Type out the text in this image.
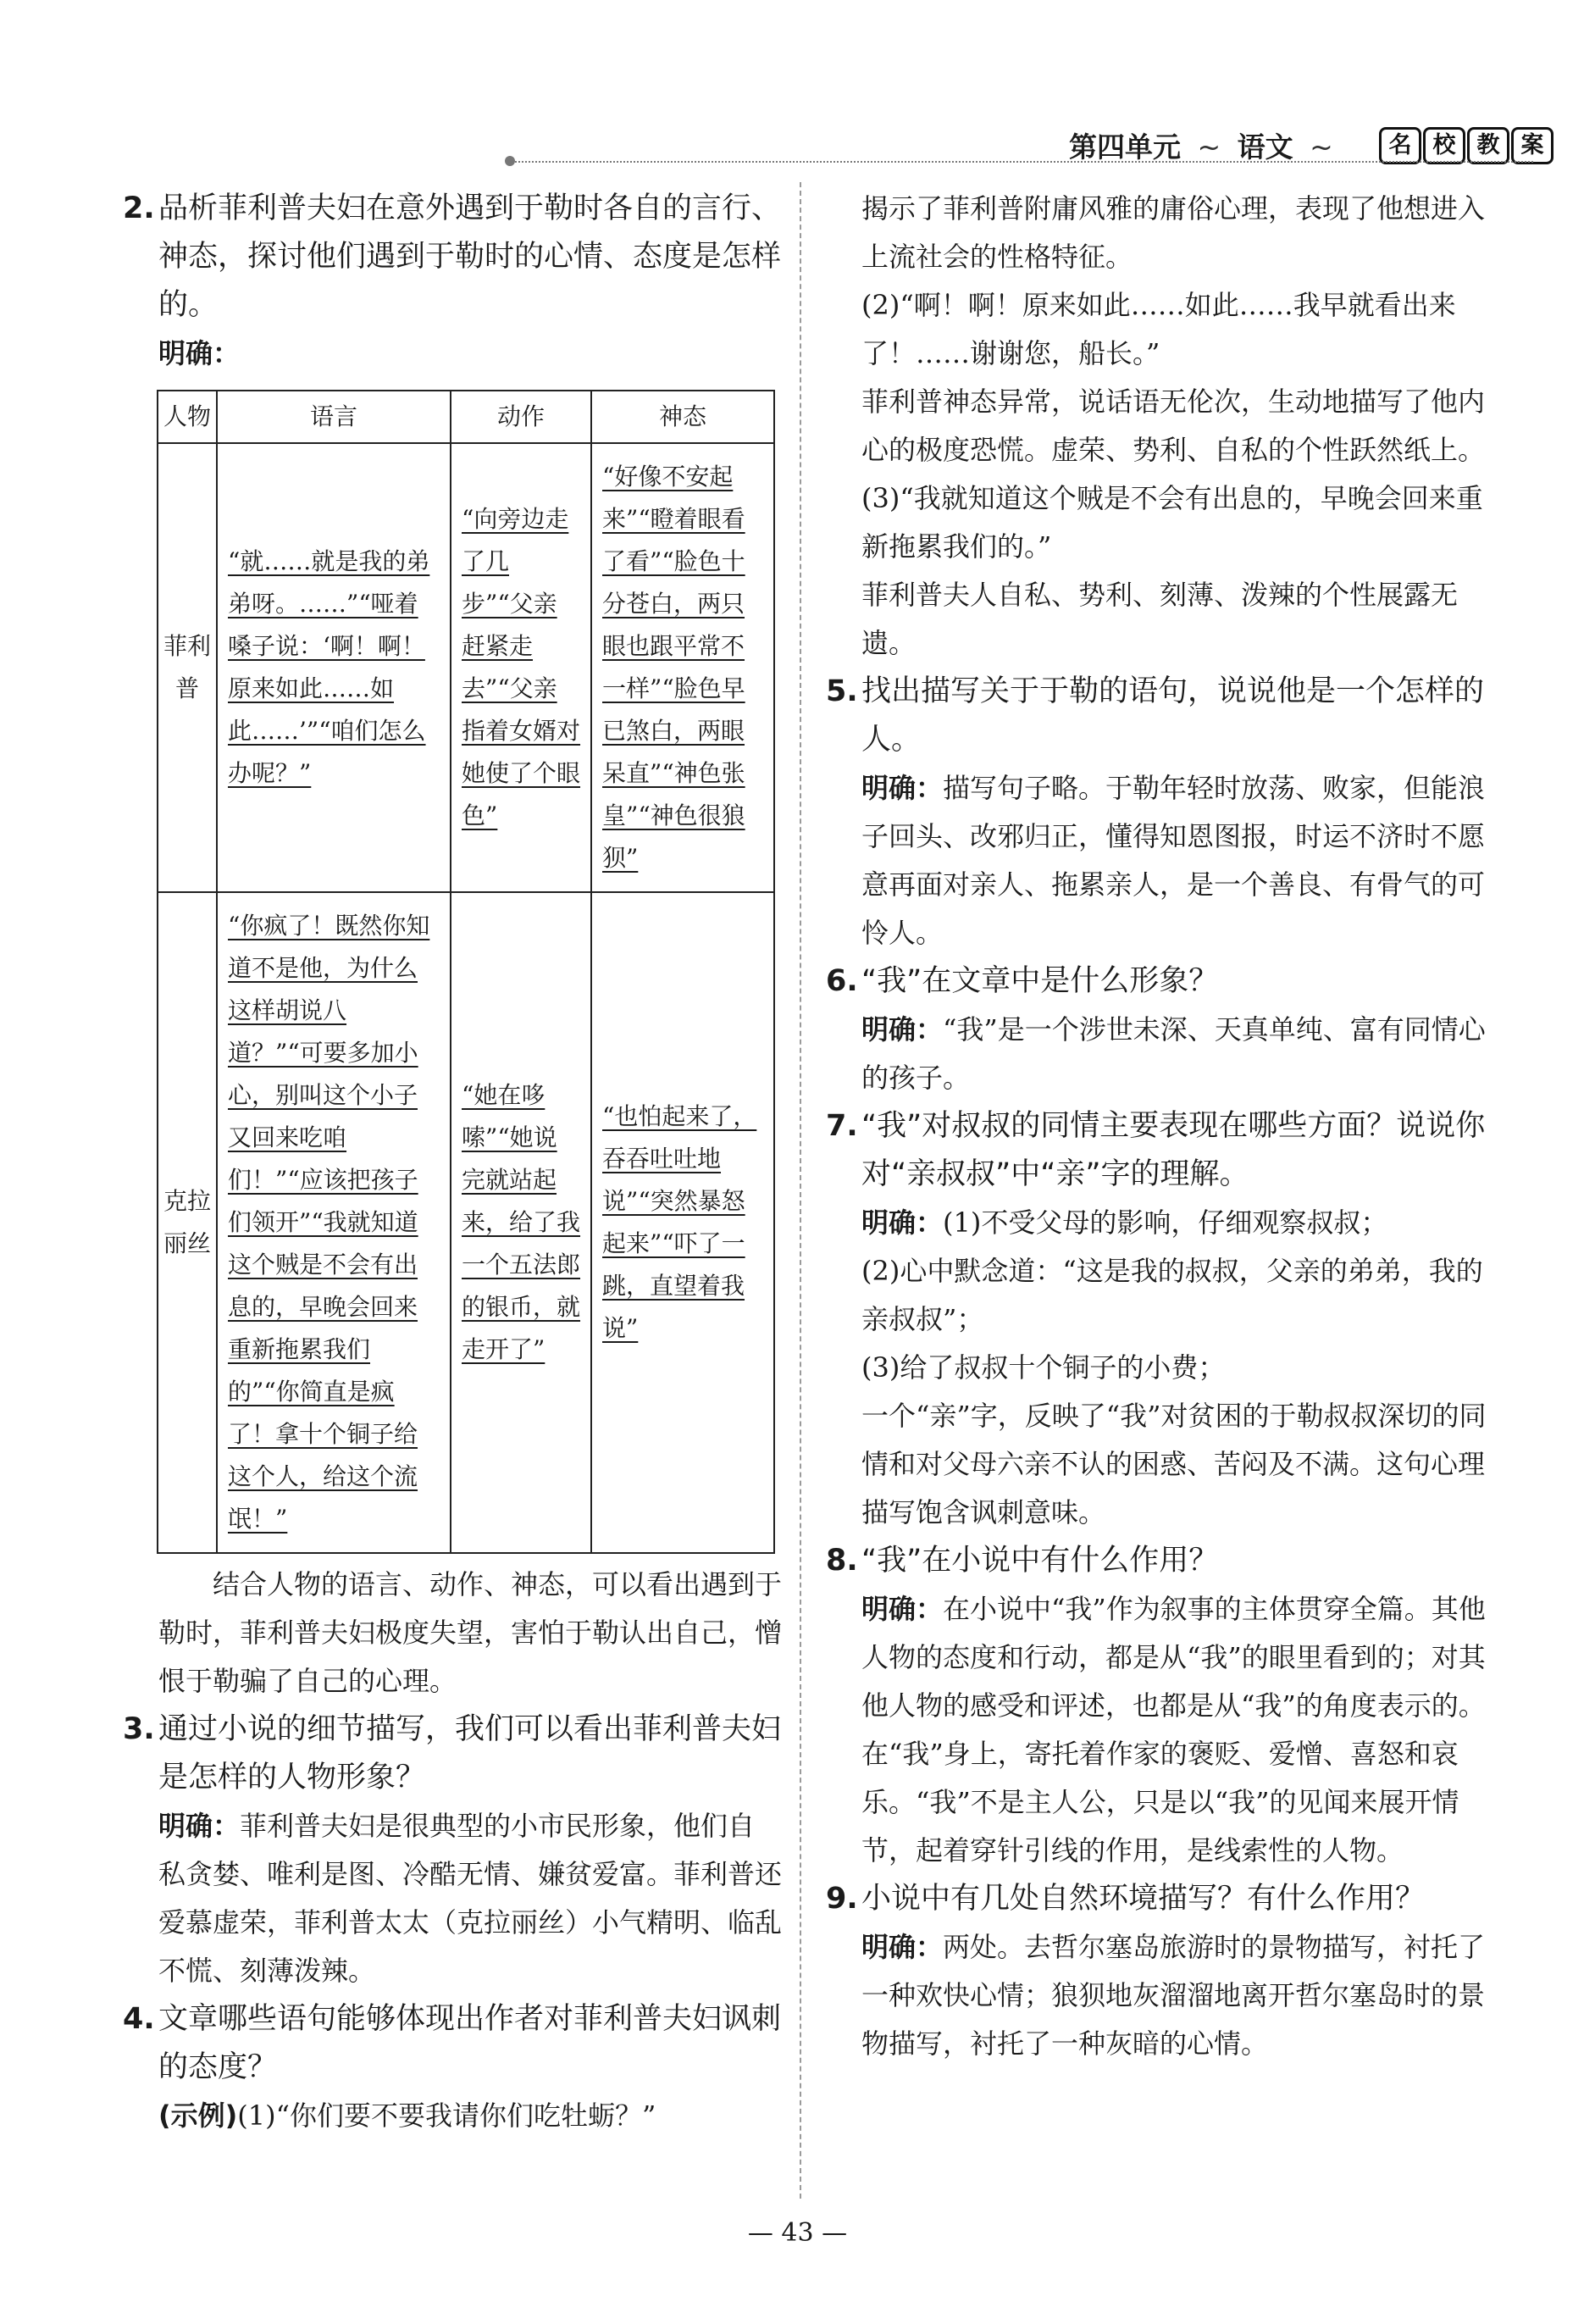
第四单元 ~ 语文 ~	名 校 教 案

2. 品析菲利普夫妇在意外遇到于勒时各自的言行、神态，探讨他们遇到于勒时的心情、态度是怎样的。

明确：

人物	语言	动作	神态
菲利普	“就……就是我的弟弟呀。……”“哑着嗓子说：‘啊！啊！原来如此……如此……’”“咱们怎么办呢？”	“向旁边走了几步”“父亲赶紧走去”“父亲指着女婿对她使了个眼色”	“好像不安起来”“瞪着眼看了看”“脸色十分苍白，两只眼也跟平常不一样”“脸色早已煞白，两眼呆直”“神色张皇”“神色很狼狈”
克拉丽丝	“你疯了！既然你知道不是他，为什么这样胡说八道？”“可要多加小心，别叫这个小子又回来吃咱们！”“应该把孩子们领开”“我就知道这个贼是不会有出息的，早晚会回来重新拖累我们的”“你简直是疯了！拿十个铜子给这个人，给这个流氓！”	“她在哆嗦”“她说完就站起来，给了我一个五法郎的银币，就走开了”	“也怕起来了，吞吞吐吐地说”“突然暴怒起来”“吓了一跳，直望着我说”

结合人物的语言、动作、神态，可以看出遇到于勒时，菲利普夫妇极度失望，害怕于勒认出自己，憎恨于勒骗了自己的心理。

3. 通过小说的细节描写，我们可以看出菲利普夫妇是怎样的人物形象？

明确：菲利普夫妇是很典型的小市民形象，他们自私贪婪、唯利是图、冷酷无情、嫌贫爱富。菲利普还爱慕虚荣，菲利普太太（克拉丽丝）小气精明、临乱不慌、刻薄泼辣。

4. 文章哪些语句能够体现出作者对菲利普夫妇讽刺的态度？

(示例)(1)“你们要不要我请你们吃牡蛎？”

揭示了菲利普附庸风雅的庸俗心理，表现了他想进入上流社会的性格特征。

(2)“啊！啊！原来如此……如此……我早就看出来了！……谢谢您，船长。”

菲利普神态异常，说话语无伦次，生动地描写了他内心的极度恐慌。虚荣、势利、自私的个性跃然纸上。

(3)“我就知道这个贼是不会有出息的，早晚会回来重新拖累我们的。”

菲利普夫人自私、势利、刻薄、泼辣的个性展露无遗。

5. 找出描写关于于勒的语句，说说他是一个怎样的人。

明确：描写句子略。于勒年轻时放荡、败家，但能浪子回头、改邪归正，懂得知恩图报，时运不济时不愿意再面对亲人、拖累亲人，是一个善良、有骨气的可怜人。

6. “我”在文章中是什么形象？

明确：“我”是一个涉世未深、天真单纯、富有同情心的孩子。

7. “我”对叔叔的同情主要表现在哪些方面？说说你对“亲叔叔”中“亲”字的理解。

明确：(1)不受父母的影响，仔细观察叔叔；

(2)心中默念道：“这是我的叔叔，父亲的弟弟，我的亲叔叔”；

(3)给了叔叔十个铜子的小费；

一个“亲”字，反映了“我”对贫困的于勒叔叔深切的同情和对父母六亲不认的困惑、苦闷及不满。这句心理描写饱含讽刺意味。

8. “我”在小说中有什么作用？

明确：在小说中“我”作为叙事的主体贯穿全篇。其他人物的态度和行动，都是从“我”的眼里看到的；对其他人物的感受和评述，也都是从“我”的角度表示的。在“我”身上，寄托着作家的褒贬、爱憎、喜怒和哀乐。“我”不是主人公，只是以“我”的见闻来展开情节，起着穿针引线的作用，是线索性的人物。

9. 小说中有几处自然环境描写？有什么作用？

明确：两处。去哲尔塞岛旅游时的景物描写，衬托了一种欢快心情；狼狈地灰溜溜地离开哲尔塞岛时的景物描写，衬托了一种灰暗的心情。

— 43 —
